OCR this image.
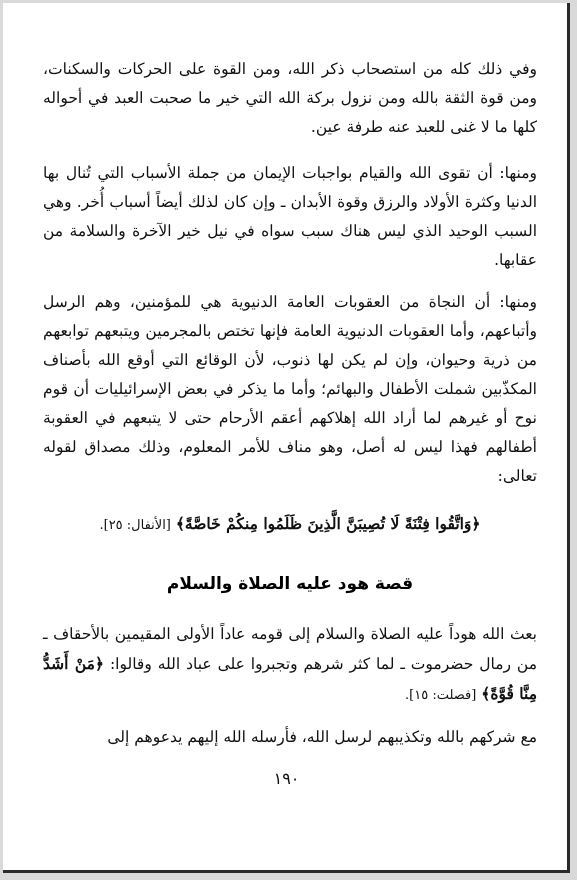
وفي ذلك كله من استصحاب ذكر الله، ومن القوة على الحركات والسكنات، ومن قوة الثقة بالله ومن نزول بركة الله التي خير ما صحبت العبد في أحواله كلها ما لا غنى للعبد عنه طرفة عين.
ومنها: أن تقوى الله والقيام بواجبات الإيمان من جملة الأسباب التي تُنال بها الدنيا وكثرة الأولاد والرزق وقوة الأبدان ـ وإن كان لذلك أيضاً أسباب أُخر. وهي السبب الوحيد الذي ليس هناك سبب سواه في نيل خير الآخرة والسلامة من عقابها.
ومنها: أن النجاة من العقوبات العامة الدنيوية هي للمؤمنين، وهم الرسل وأتباعهم، وأما العقوبات الدنيوية العامة فإنها تختص بالمجرمين ويتبعهم توابعهم من ذرية وحيوان، وإن لم يكن لها ذنوب، لأن الوقائع التي أوقع الله بأصناف المكذّبين شملت الأطفال والبهائم؛ وأما ما يذكر في بعض الإسرائيليات أن قوم نوح أو غيرهم لما أراد الله إهلاكهم أعقم الأرحام حتى لا يتبعهم في العقوبة أطفالهم فهذا ليس له أصل، وهو مناف للأمر المعلوم، وذلك مصداق لقوله تعالى:
﴿وَاتَّقُوا فِتْنَةً لَا تُصِيبَنَّ الَّذِينَ ظَلَمُوا مِنكُمْ خَاصَّةً﴾ [الأنفال: ٢٥].
قصة هود عليه الصلاة والسلام
بعث الله هوداً عليه الصلاة والسلام إلى قومه عاداً الأولى المقيمين بالأحقاف ـ من رمال حضرموت ـ لما كثر شرهم وتجبروا على عباد الله وقالوا: ﴿مَنْ أَشَدُّ مِنَّا قُوَّةً﴾ [فصلت: ١٥].
مع شركهم بالله وتكذيبهم لرسل الله، فأرسله الله إليهم يدعوهم إلى
١٩٠
